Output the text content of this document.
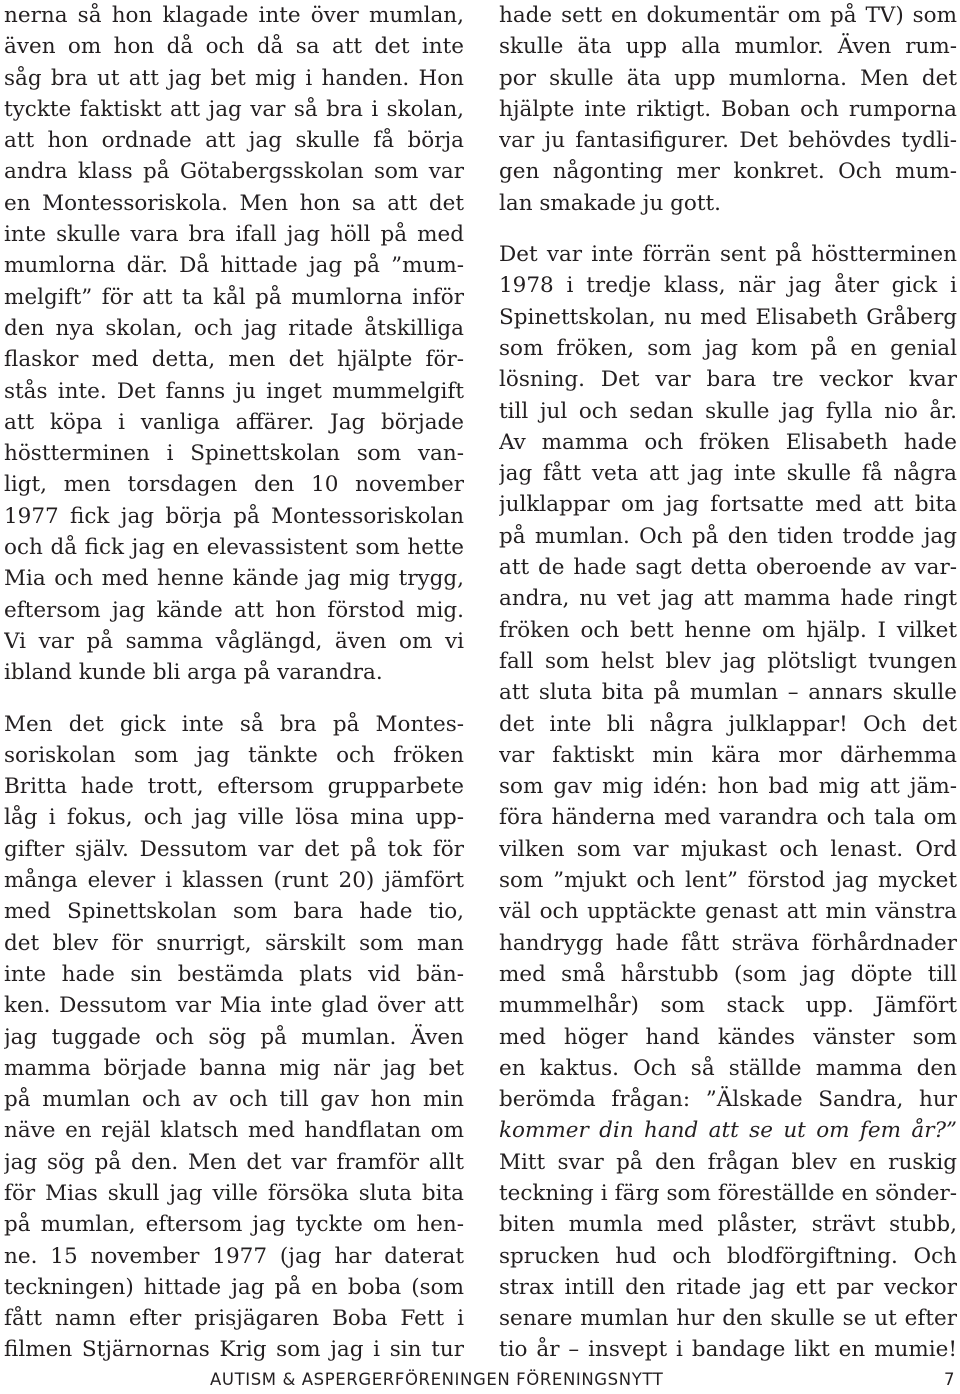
nerna så hon klagade inte över mumlan,
även om hon då och då sa att det inte
såg bra ut att jag bet mig i handen. Hon
tyckte faktiskt att jag var så bra i skolan,
att hon ordnade att jag skulle få börja
andra klass på Götabergsskolan som var
en Montessoriskola. Men hon sa att det
inte skulle vara bra ifall jag höll på med
mumlorna där. Då hittade jag på ”mum-
melgift” för att ta kål på mumlorna inför
den nya skolan, och jag ritade åtskilliga
flaskor med detta, men det hjälpte för-
stås inte. Det fanns ju inget mummelgift
att köpa i vanliga affärer. Jag började
höstterminen i Spinettskolan som van-
ligt, men torsdagen den 10 november
1977 fick jag börja på Montessoriskolan
och då fick jag en elevassistent som hette
Mia och med henne kände jag mig trygg,
eftersom jag kände att hon förstod mig.
Vi var på samma våglängd, även om vi
ibland kunde bli arga på varandra.
Men det gick inte så bra på Montes-
soriskolan som jag tänkte och fröken
Britta hade trott, eftersom grupparbete
låg i fokus, och jag ville lösa mina upp-
gifter själv. Dessutom var det på tok för
många elever i klassen (runt 20) jämfört
med Spinettskolan som bara hade tio,
det blev för snurrigt, särskilt som man
inte hade sin bestämda plats vid bän-
ken. Dessutom var Mia inte glad över att
jag tuggade och sög på mumlan. Även
mamma började banna mig när jag bet
på mumlan och av och till gav hon min
näve en rejäl klatsch med handflatan om
jag sög på den. Men det var framför allt
för Mias skull jag ville försöka sluta bita
på mumlan, eftersom jag tyckte om hen-
ne. 15 november 1977 (jag har daterat
teckningen) hittade jag på en boba (som
fått namn efter prisjägaren Boba Fett i
filmen Stjärnornas Krig som jag i sin tur
hade sett en dokumentär om på TV) som
skulle äta upp alla mumlor. Även rum-
por skulle äta upp mumlorna. Men det
hjälpte inte riktigt. Boban och rumporna
var ju fantasifigurer. Det behövdes tydli-
gen någonting mer konkret. Och mum-
lan smakade ju gott.
Det var inte förrän sent på höstterminen
1978 i tredje klass, när jag åter gick i
Spinettskolan, nu med Elisabeth Gråberg
som fröken, som jag kom på en genial
lösning. Det var bara tre veckor kvar
till jul och sedan skulle jag fylla nio år.
Av mamma och fröken Elisabeth hade
jag fått veta att jag inte skulle få några
julklappar om jag fortsatte med att bita
på mumlan. Och på den tiden trodde jag
att de hade sagt detta oberoende av var-
andra, nu vet jag att mamma hade ringt
fröken och bett henne om hjälp. I vilket
fall som helst blev jag plötsligt tvungen
att sluta bita på mumlan – annars skulle
det inte bli några julklappar! Och det
var faktiskt min kära mor därhemma
som gav mig idén: hon bad mig att jäm-
föra händerna med varandra och tala om
vilken som var mjukast och lenast. Ord
som ”mjukt och lent” förstod jag mycket
väl och upptäckte genast att min vänstra
handrygg hade fått sträva förhårdnader
med små hårstubb (som jag döpte till
mummelhår) som stack upp. Jämfört
med höger hand kändes vänster som
en kaktus. Och så ställde mamma den
berömda frågan: ”Älskade Sandra, hur
kommer din hand att se ut om fem år?”
Mitt svar på den frågan blev en ruskig
teckning i färg som föreställde en sönder-
biten mumla med plåster, strävt stubb,
sprucken hud och blodförgiftning. Och
strax intill den ritade jag ett par veckor
senare mumlan hur den skulle se ut efter
tio år – insvept i bandage likt en mumie!
AUTISM & ASPERGERFÖRENINGEN FÖRENINGSNYTT	7
